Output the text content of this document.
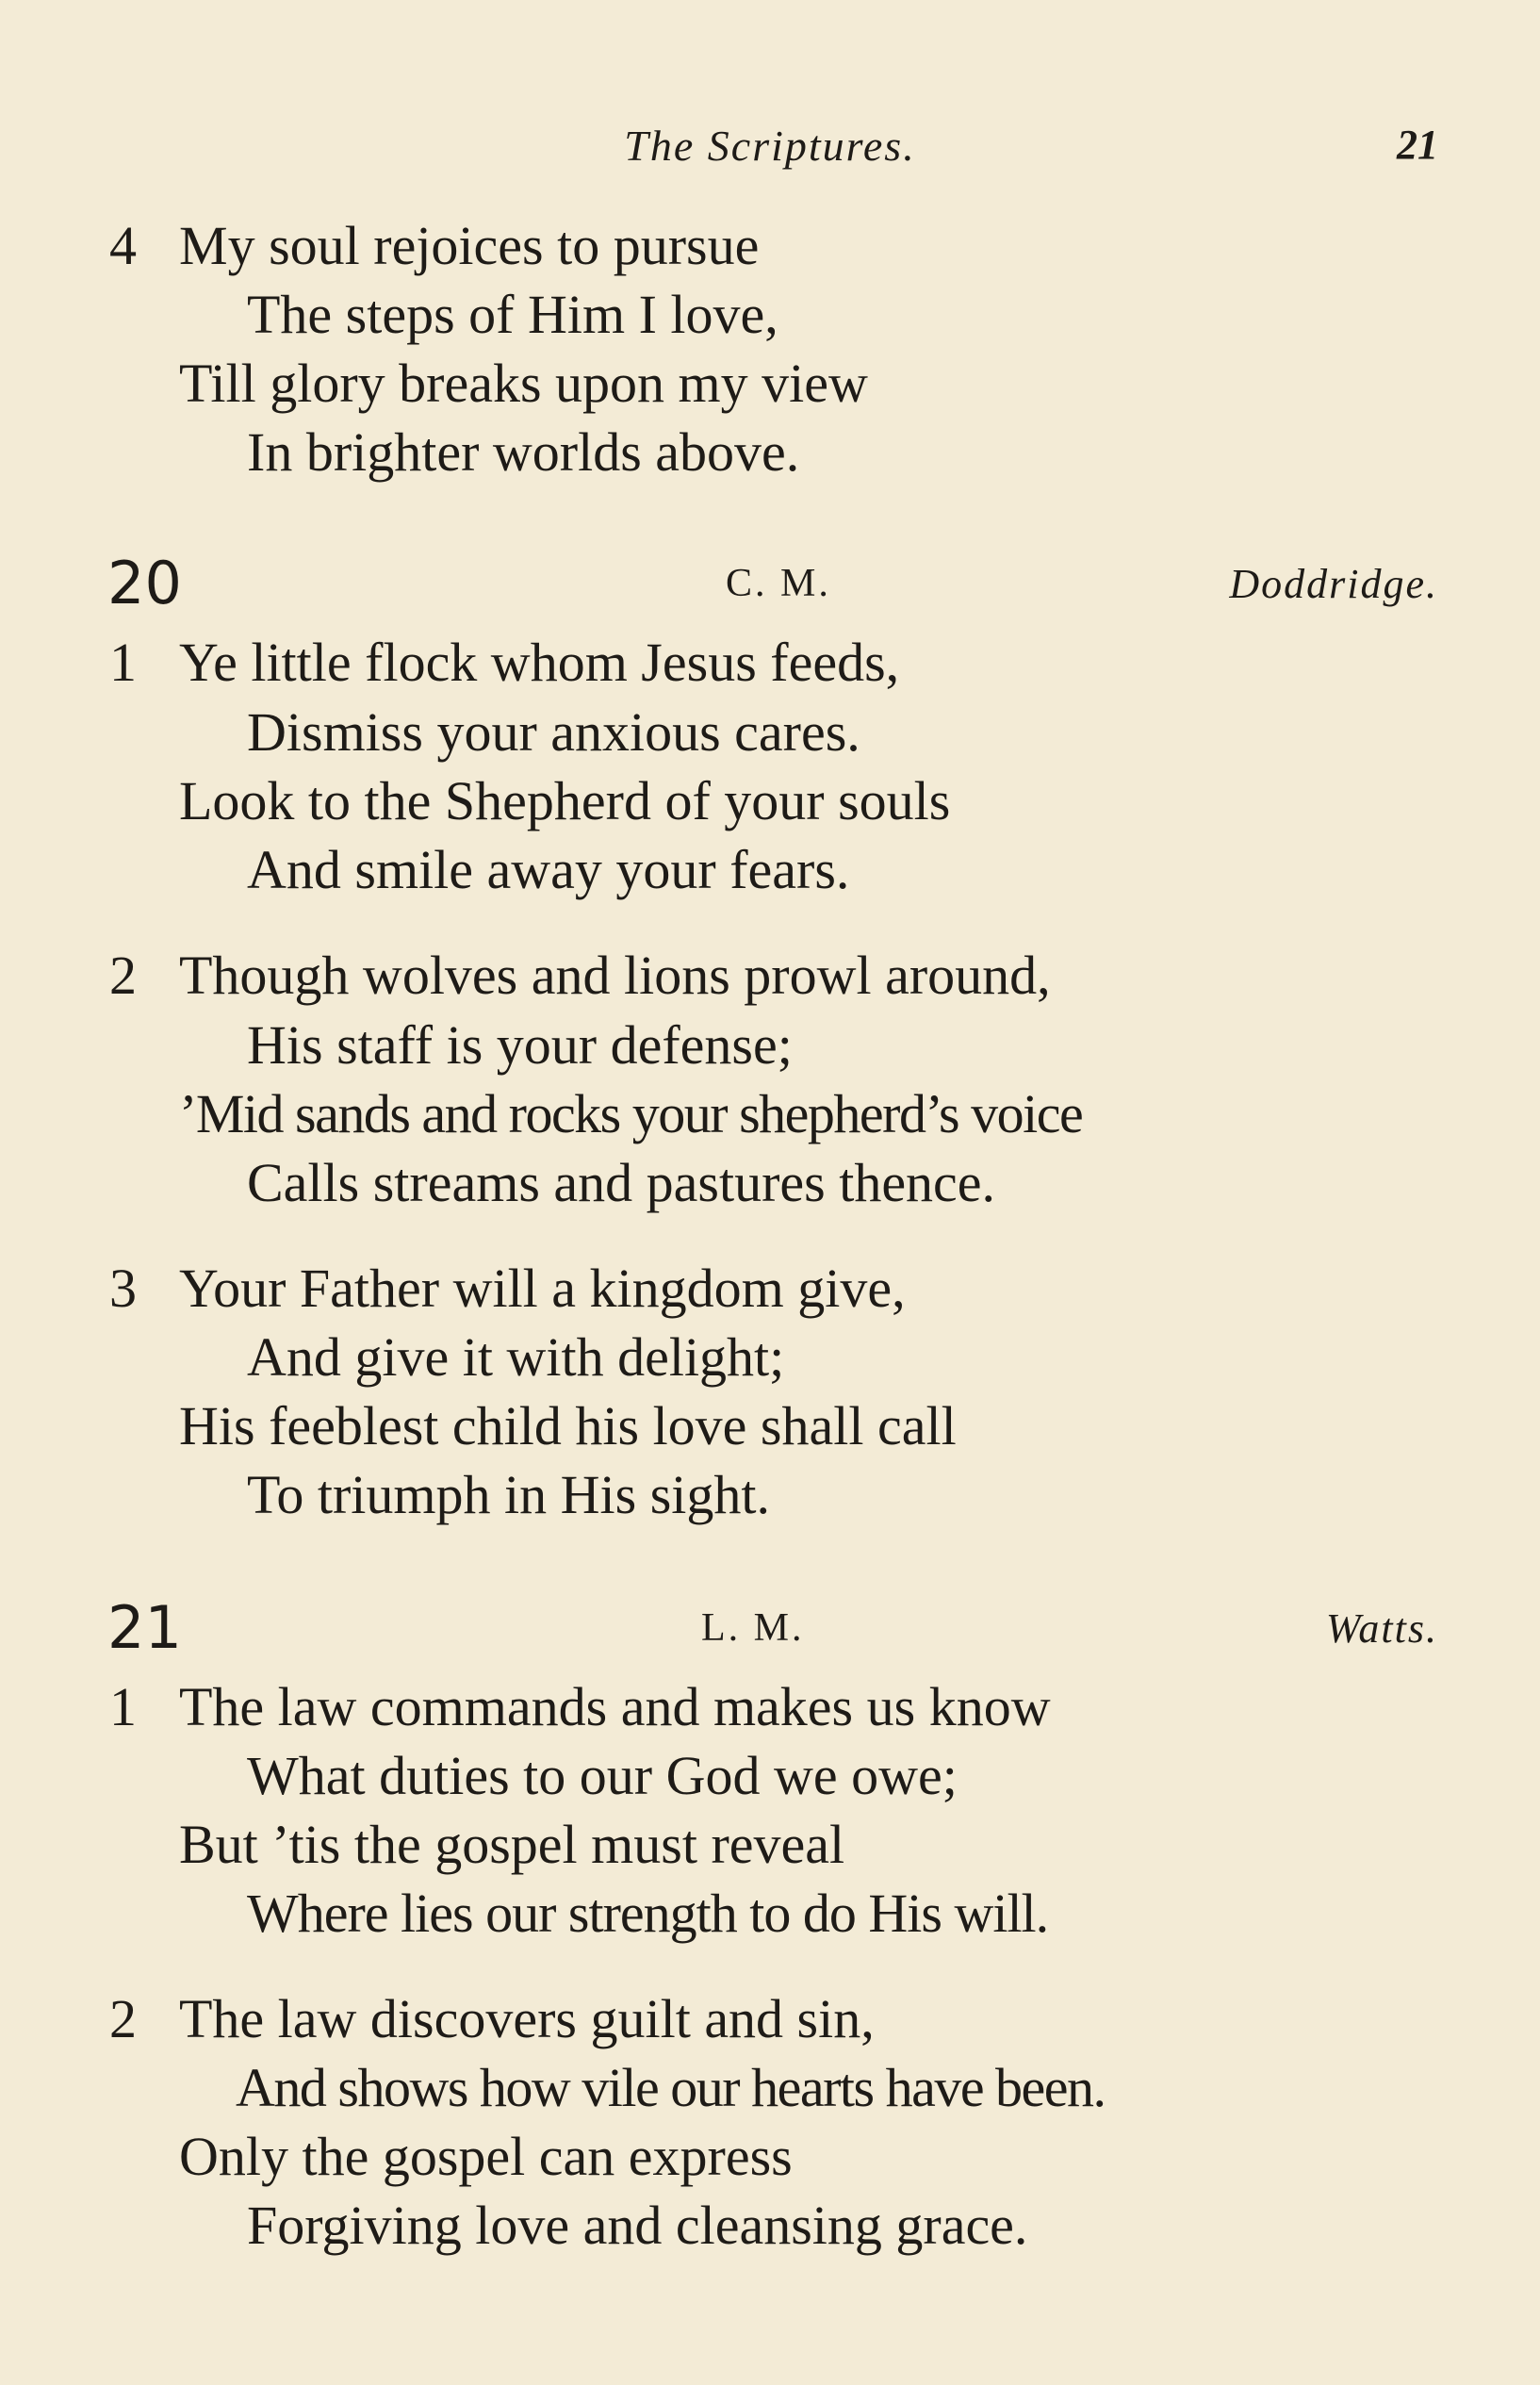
The Scriptures.	21
4 My soul rejoices to pursue
The steps of Him I love,
Till glory breaks upon my view
In brighter worlds above.
20	C. M.	Doddridge.
1 Ye little flock whom Jesus feeds,
Dismiss your anxious cares.
Look to the Shepherd of your souls
And smile away your fears.
2 Though wolves and lions prowl around,
His staff is your defense;
’Mid sands and rocks your shepherd’s voice
Calls streams and pastures thence.
3 Your Father will a kingdom give,
And give it with delight;
His feeblest child his love shall call
To triumph in His sight.
21	L. M.	Watts.
1 The law commands and makes us know
What duties to our God we owe;
But ’tis the gospel must reveal
Where lies our strength to do His will.
2 The law discovers guilt and sin,
And shows how vile our hearts have been.
Only the gospel can express
Forgiving love and cleansing grace.
